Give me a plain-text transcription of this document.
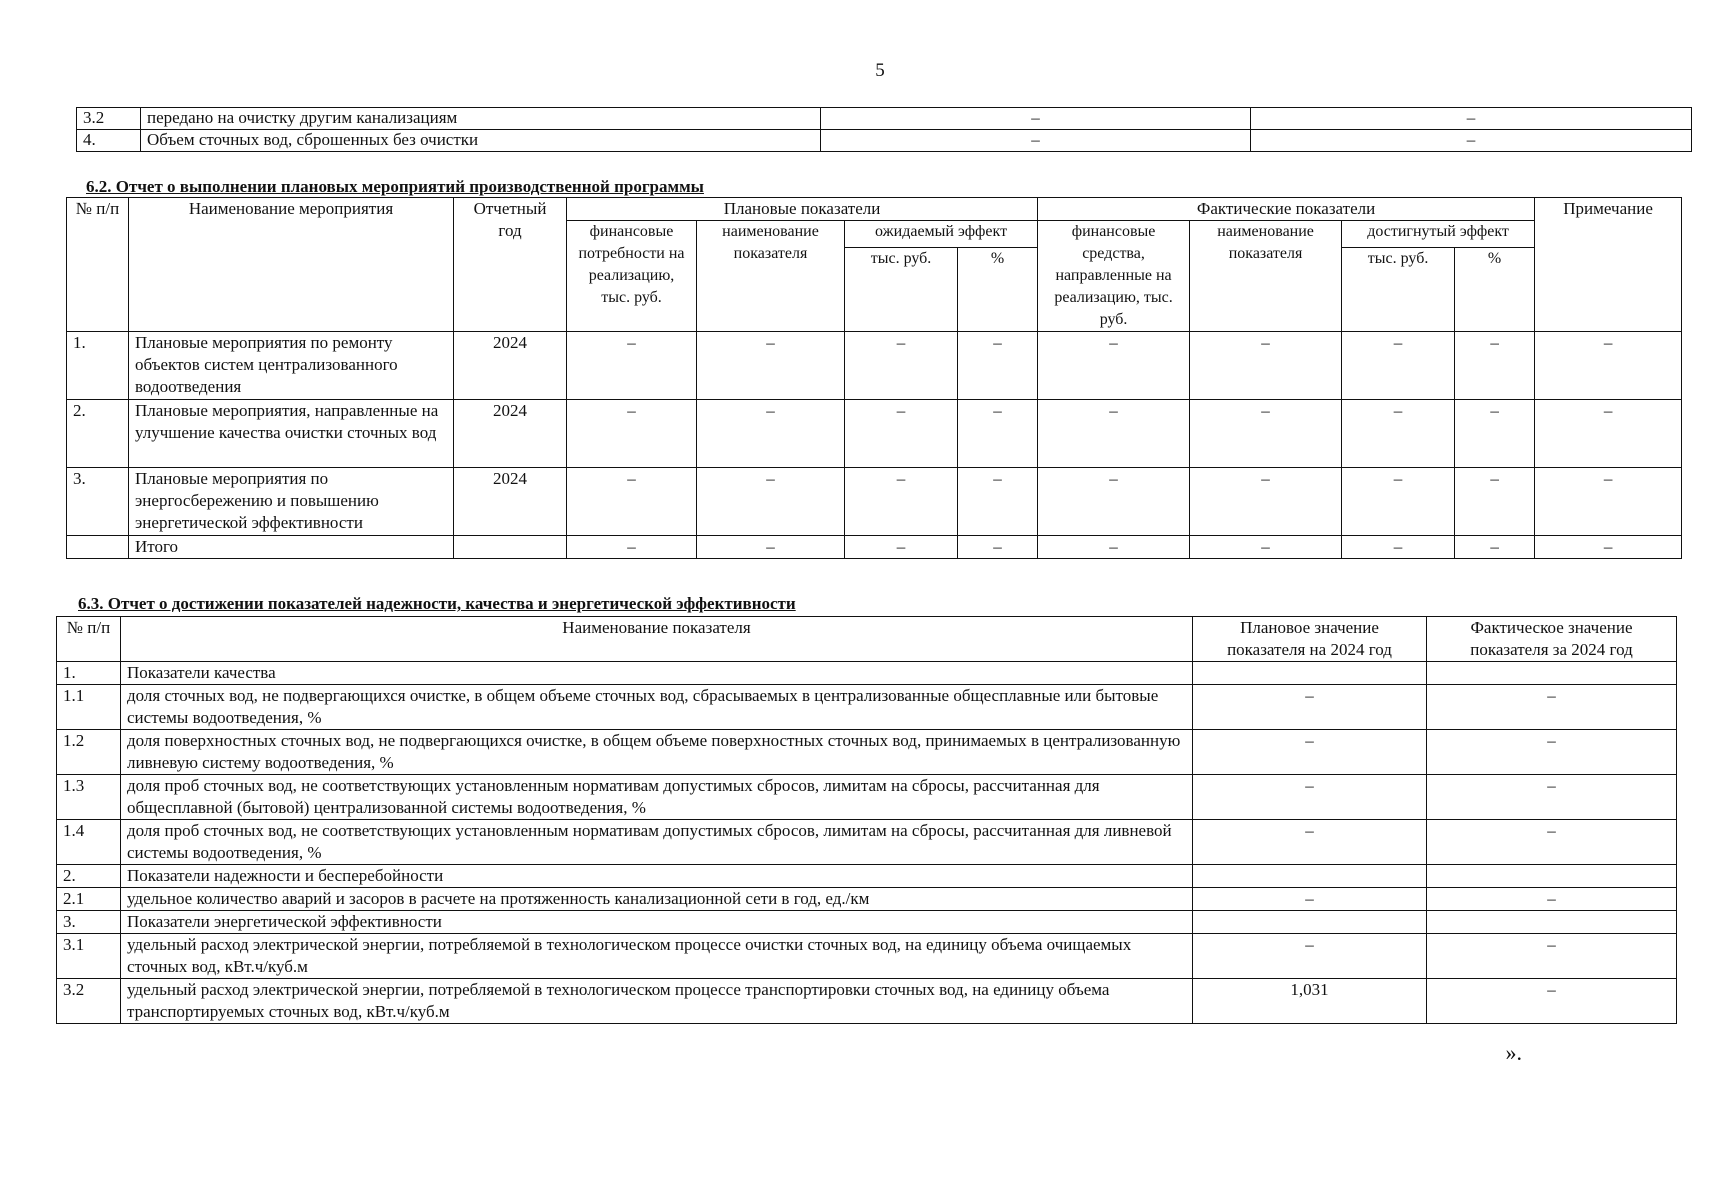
5
3.2	передано на очистку другим канализациям	–	–
4.	Объем сточных вод, сброшенных без очистки	–	–
6.2. Отчет о выполнении плановых мероприятий производственной программы
№ п/п	Наименование мероприятия	Отчетный год	Плановые показатели				Фактические показатели				Примечание
			финансовые потребности на реализацию, тыс. руб.	наименование показателя	ожидаемый эффект		финансовые средства, направленные на реализацию, тыс. руб.	наименование показателя	достигнутый эффект		
					тыс. руб.	%			тыс. руб.	%	
1.	Плановые мероприятия по ремонту объектов систем централизованного водоотведения	2024	–	–	–	–	–	–	–	–	–
2.	Плановые мероприятия, направленные на улучшение качества очистки сточных вод	2024	–	–	–	–	–	–	–	–	–
3.	Плановые мероприятия по энергосбережению и повышению энергетической эффективности	2024	–	–	–	–	–	–	–	–	–
	Итого		–	–	–	–	–	–	–	–	–
6.3. Отчет о достижении показателей надежности, качества и энергетической эффективности
№ п/п	Наименование показателя	Плановое значение показателя на 2024 год	Фактическое значение показателя за 2024 год
1.	Показатели качества		
1.1	доля сточных вод, не подвергающихся очистке, в общем объеме сточных вод, сбрасываемых в централизованные общесплавные или бытовые системы водоотведения, %	–	–
1.2	доля поверхностных сточных вод, не подвергающихся очистке, в общем объеме поверхностных сточных вод, принимаемых в централизованную ливневую систему водоотведения, %	–	–
1.3	доля проб сточных вод, не соответствующих установленным нормативам допустимых сбросов, лимитам на сбросы, рассчитанная для общесплавной (бытовой) централизованной системы водоотведения, %	–	–
1.4	доля проб сточных вод, не соответствующих установленным нормативам допустимых сбросов, лимитам на сбросы, рассчитанная для ливневой системы водоотведения, %	–	–
2.	Показатели надежности и бесперебойности		
2.1	удельное количество аварий и засоров в расчете на протяженность канализационной сети в год, ед./км	–	–
3.	Показатели энергетической эффективности		
3.1	удельный расход электрической энергии, потребляемой в технологическом процессе очистки сточных вод, на единицу объема очищаемых сточных вод, кВт.ч/куб.м	–	–
3.2	удельный расход электрической энергии, потребляемой в технологическом процессе транспортировки сточных вод, на единицу объема транспортируемых сточных вод, кВт.ч/куб.м	1,031	–
».
